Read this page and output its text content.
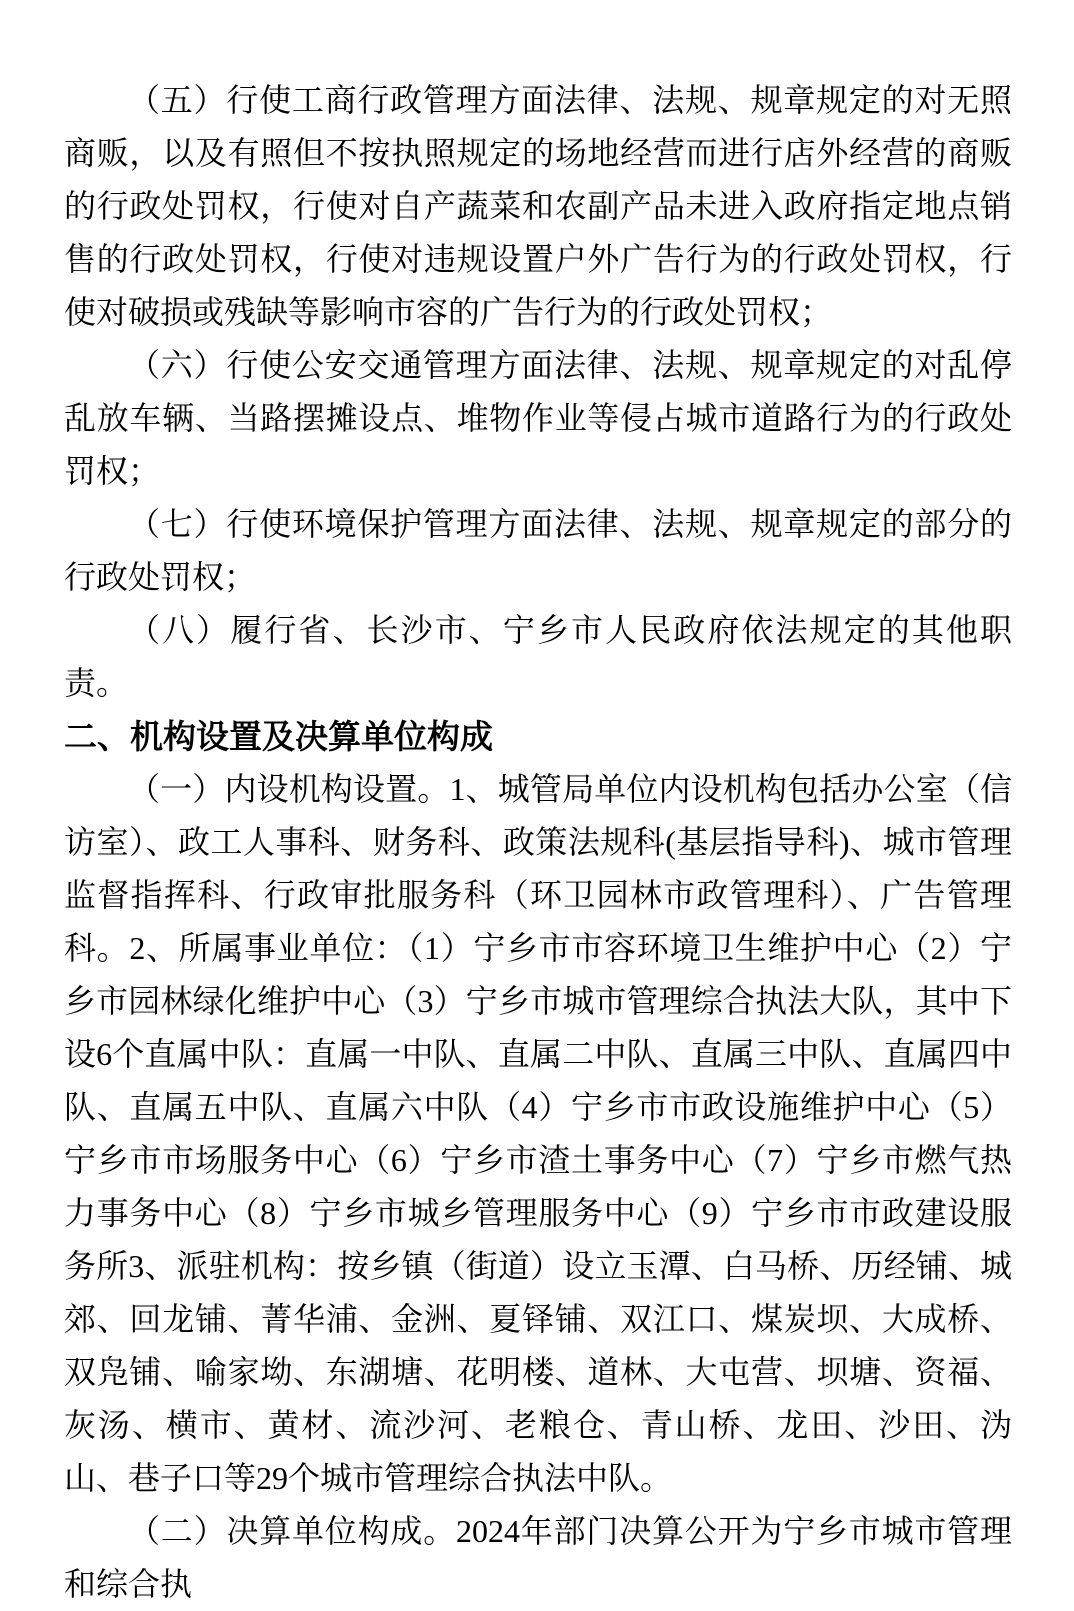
（五）行使工商行政管理方面法律、法规、规章规定的对无照商贩，以及有照但不按执照规定的场地经营而进行店外经营的商贩的行政处罚权，行使对自产蔬菜和农副产品未进入政府指定地点销售的行政处罚权，行使对违规设置户外广告行为的行政处罚权，行使对破损或残缺等影响市容的广告行为的行政处罚权；

（六）行使公安交通管理方面法律、法规、规章规定的对乱停乱放车辆、当路摆摊设点、堆物作业等侵占城市道路行为的行政处罚权；

（七）行使环境保护管理方面法律、法规、规章规定的部分的行政处罚权；

（八）履行省、长沙市、宁乡市人民政府依法规定的其他职责。

二、机构设置及决算单位构成

（一）内设机构设置。1、城管局单位内设机构包括办公室（信访室）、政工人事科、财务科、政策法规科(基层指导科)、城市管理监督指挥科、行政审批服务科（环卫园林市政管理科）、广告管理科。2、所属事业单位：（1）宁乡市市容环境卫生维护中心（2）宁乡市园林绿化维护中心（3）宁乡市城市管理综合执法大队，其中下设6个直属中队：直属一中队、直属二中队、直属三中队、直属四中队、直属五中队、直属六中队（4）宁乡市市政设施维护中心（5）宁乡市市场服务中心（6）宁乡市渣土事务中心（7）宁乡市燃气热力事务中心（8）宁乡市城乡管理服务中心（9）宁乡市市政建设服务所3、派驻机构：按乡镇（街道）设立玉潭、白马桥、历经铺、城郊、回龙铺、菁华浦、金洲、夏铎铺、双江口、煤炭坝、大成桥、双凫铺、喻家坳、东湖塘、花明楼、道林、大屯营、坝塘、资福、灰汤、横市、黄材、流沙河、老粮仓、青山桥、龙田、沙田、沩山、巷子口等29个城市管理综合执法中队。

（二）决算单位构成。2024年部门决算公开为宁乡市城市管理和综合执
